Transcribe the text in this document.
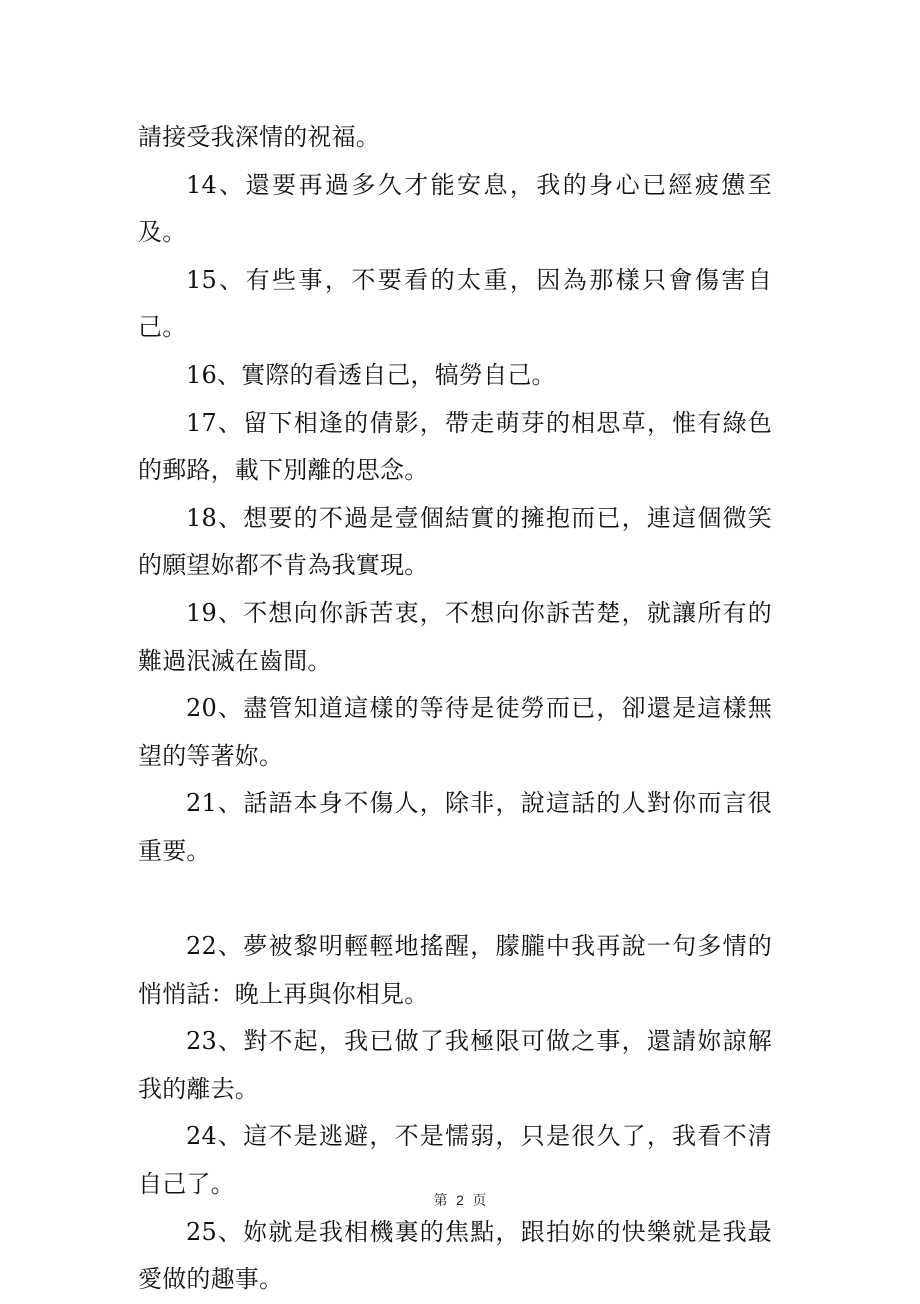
請接受我深情的祝福。

14、還要再過多久才能安息，我的身心已經疲憊至及。

15、有些事，不要看的太重，因為那樣只會傷害自己。

16、實際的看透自己，犒勞自己。

17、留下相逢的倩影，帶走萌芽的相思草，惟有綠色的郵路，載下別離的思念。

18、想要的不過是壹個結實的擁抱而已，連這個微笑的願望妳都不肯為我實現。

19、不想向你訴苦衷，不想向你訴苦楚，就讓所有的難過泯滅在齒間。

20、盡管知道這樣的等待是徒勞而已，卻還是這樣無望的等著妳。

21、話語本身不傷人，除非，說這話的人對你而言很重要。

22、夢被黎明輕輕地搖醒，朦朧中我再說一句多情的悄悄話：晚上再與你相見。

23、對不起，我已做了我極限可做之事，還請妳諒解我的離去。

24、這不是逃避，不是懦弱，只是很久了，我看不清自己了。

25、妳就是我相機裏的焦點，跟拍妳的快樂就是我最愛做的趣事。

第 2 页
